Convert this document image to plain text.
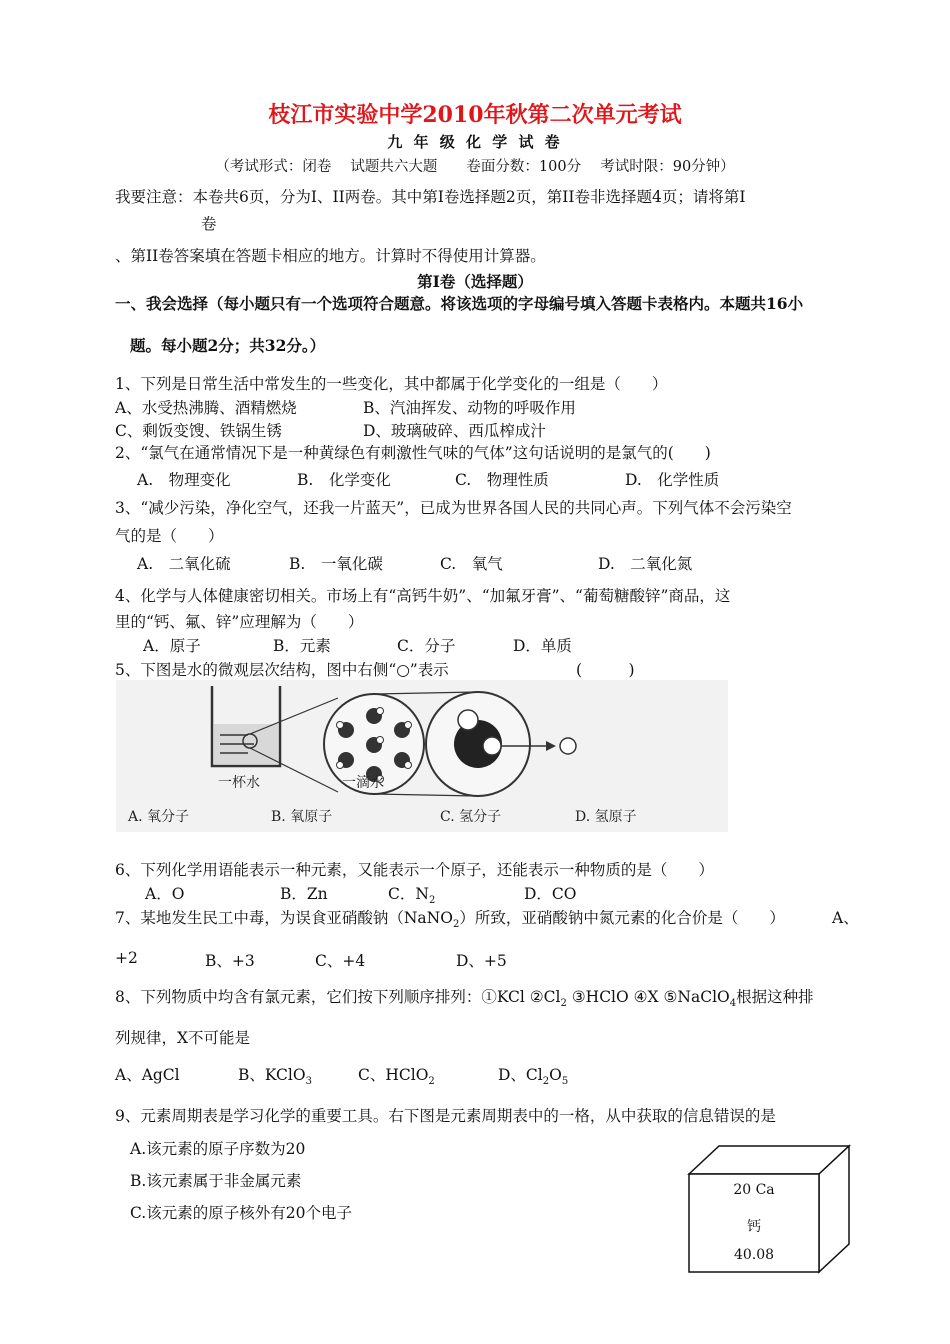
枝江市实验中学2010年秋第二次单元考试
九 年 级 化 学 试 卷
（考试形式：闭卷　 试题共六大题　　卷面分数：100分　 考试时限：90分钟）
我要注意：本卷共6页，分为Ⅰ、II两卷。其中第Ⅰ卷选择题2页，第II卷非选择题4页；请将第Ⅰ
卷
、第II卷答案填在答题卡相应的地方。计算时不得使用计算器。
第Ⅰ卷（选择题）
一、我会选择（每小题只有一个选项符合题意。将该选项的字母编号填入答题卡表格内。本题共16小
题。每小题2分；共32分。）
1、下列是日常生活中常发生的一些变化，其中都属于化学变化的一组是（　　）
A、水受热沸腾、酒精燃烧	B、汽油挥发、动物的呼吸作用
C、剩饭变馊、铁锅生锈	D、玻璃破碎、西瓜榨成汁
2、“氯气在通常情况下是一种黄绿色有刺激性气味的气体”这句话说明的是氯气的(　　)
A.　物理变化	B.　化学变化	C.　物理性质	D.　化学性质
3、“减少污染，净化空气，还我一片蓝天”，已成为世界各国人民的共同心声。下列气体不会污染空
气的是（　　）
A.　二氧化硫	B.　一氧化碳	C.　氧气	D.　二氧化氮
4、化学与人体健康密切相关。市场上有“高钙牛奶”、“加氟牙膏”、“葡萄糖酸锌”商品，这
里的“钙、氟、锌”应理解为（　　）
A．原子	B．元素	C．分子	D．单质
5、下图是水的微观层次结构，图中右侧“○”表示	(　　　)
一杯水	一滴水
A. 氧分子	B. 氧原子	C. 氢分子	D. 氢原子
6、下列化学用语能表示一种元素，又能表示一个原子，还能表示一种物质的是（　　）
A．O	B．Zn	C．$N_2$	D．CO
7、某地发生民工中毒，为误食亚硝酸钠（NaNO$_2$）所致，亚硝酸钠中氮元素的化合价是（　　）	A、
+2	B、+3	C、+4	D、+5
8、下列物质中均含有氯元素，它们按下列顺序排列：①KCl $②Cl_2$ ③HClO ④X ⑤NaClO$_4$根据这种排
列规律，X不可能是
A、AgCl	B、KClO$_3$	C、HClO$_2$	D、$Cl_2O_5$
9、元素周期表是学习化学的重要工具。右下图是元素周期表中的一格，从中获取的信息错误的是
A.该元素的原子序数为20
B.该元素属于非金属元素
C.该元素的原子核外有20个电子
20 Ca
钙
40.08
